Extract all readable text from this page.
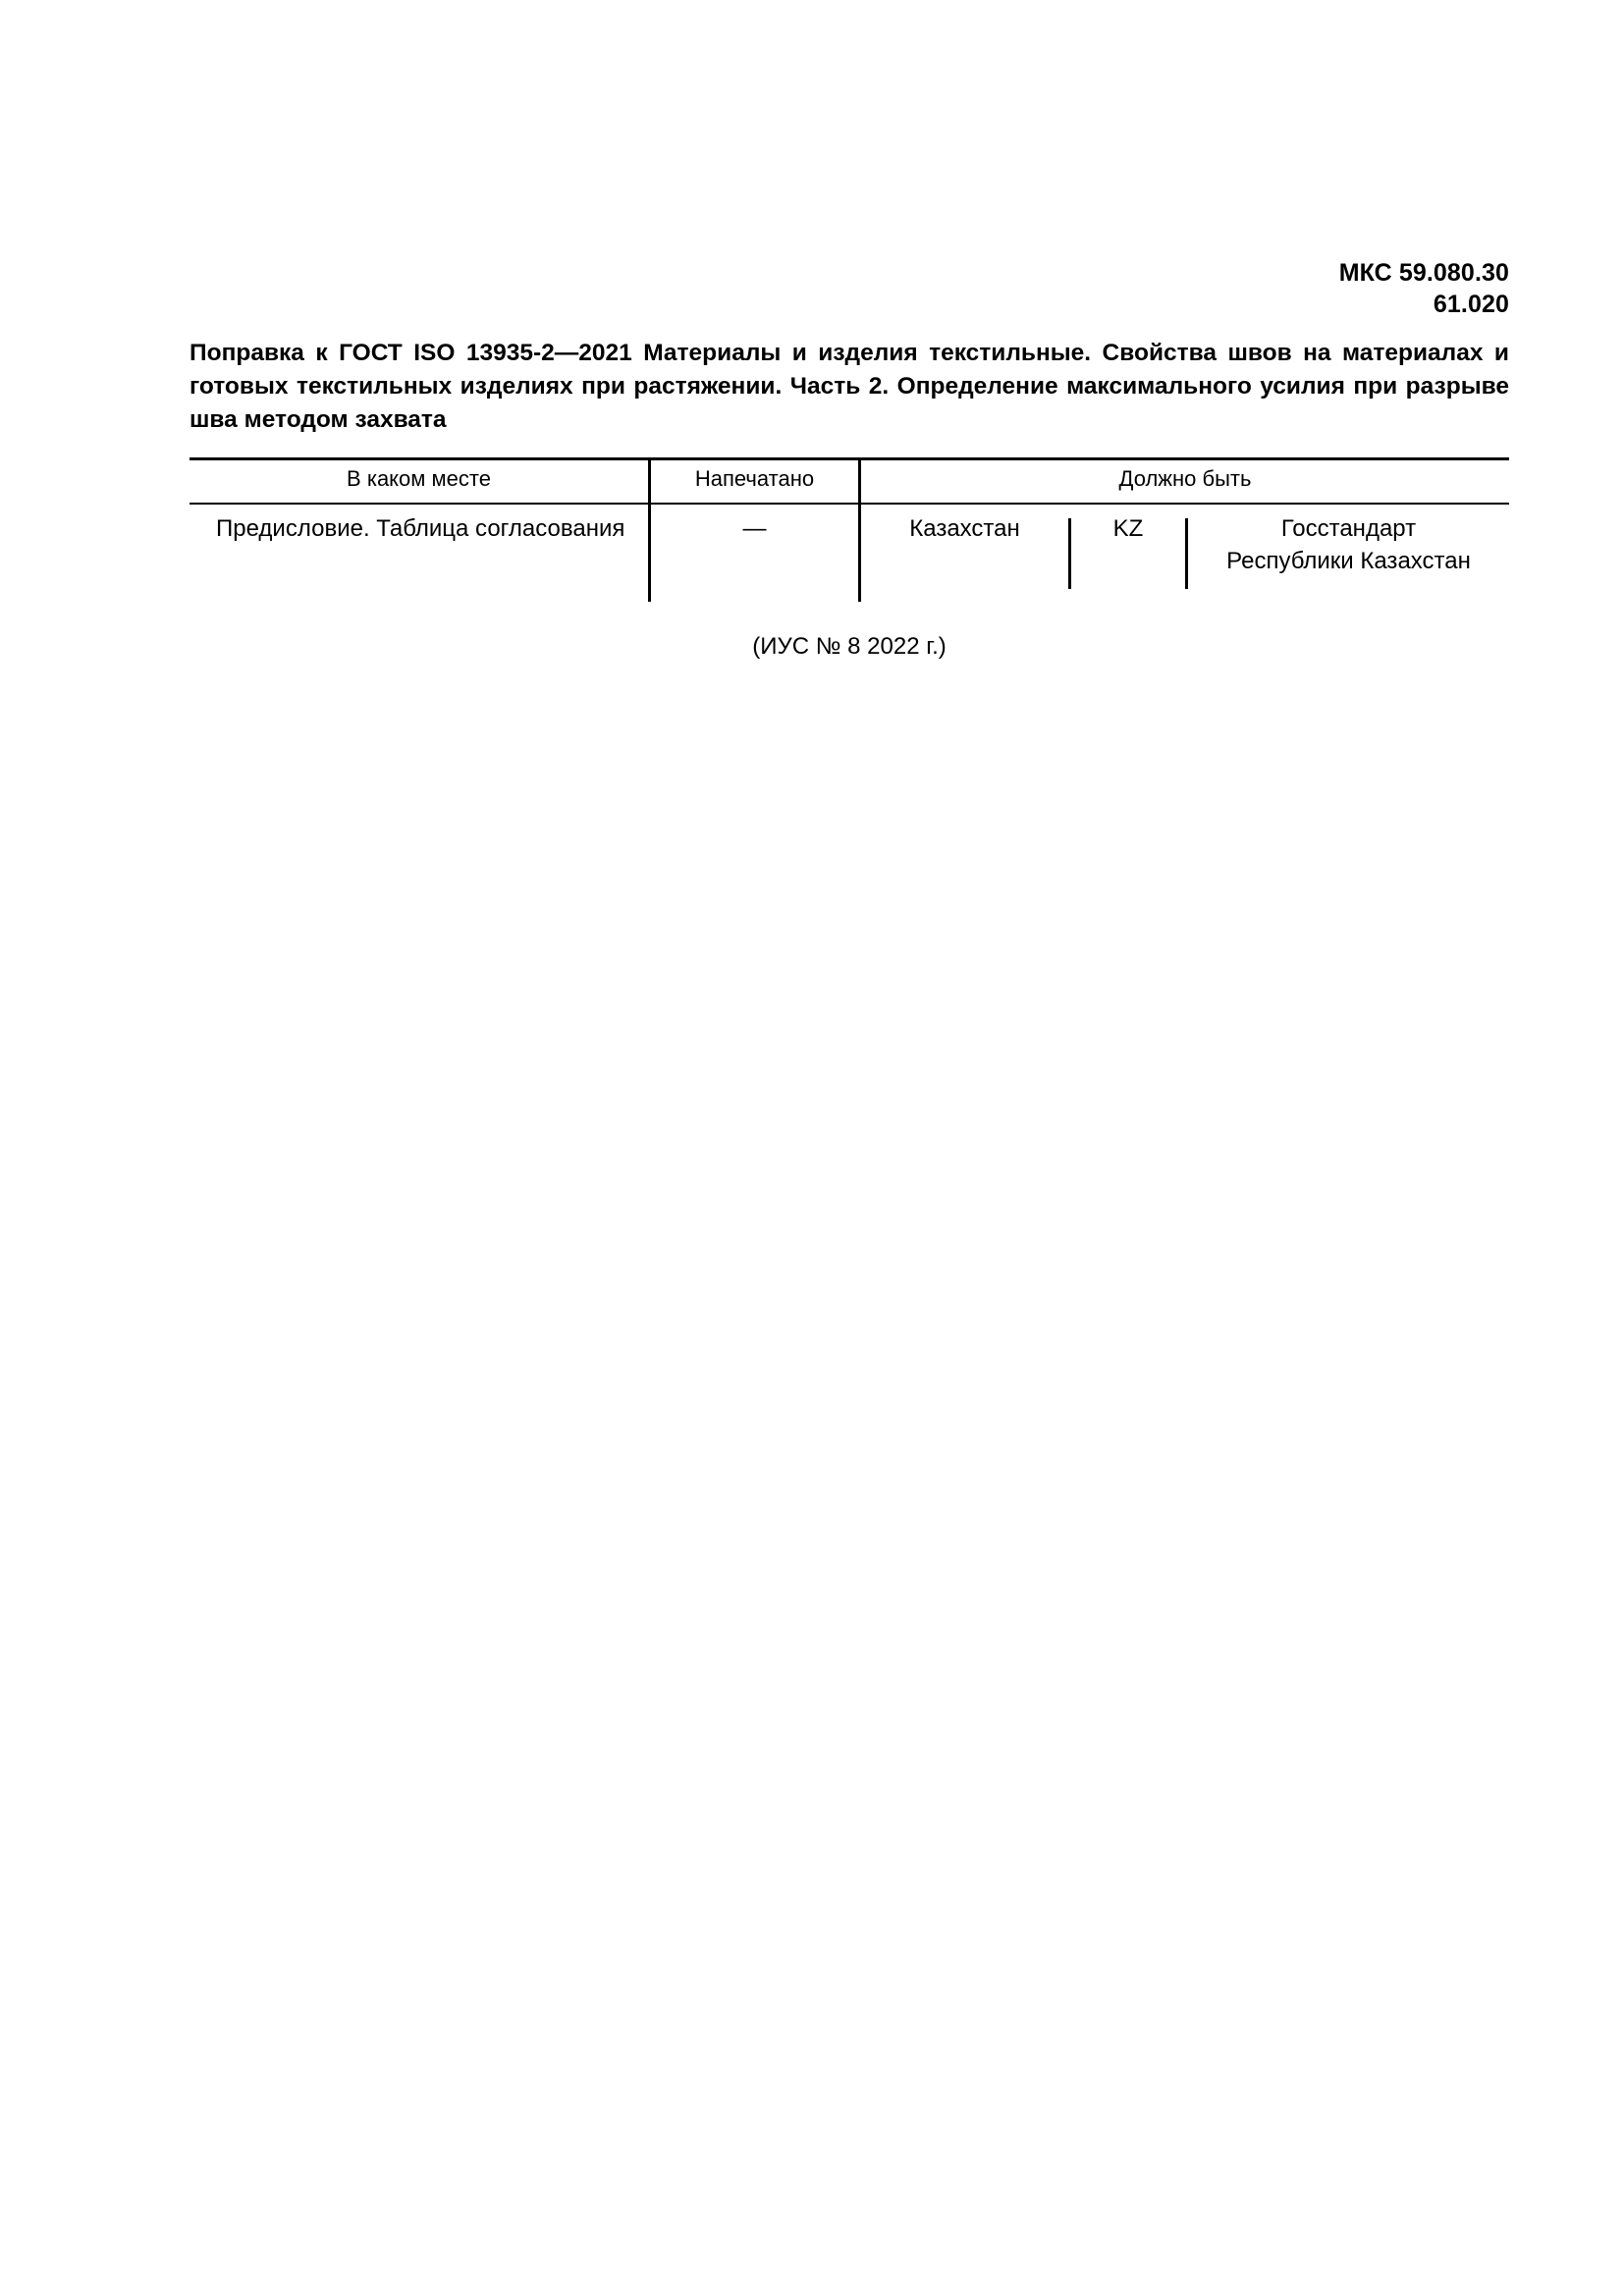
МКС 59.080.30
61.020
Поправка к ГОСТ ISO 13935-2—2021 Материалы и изделия текстильные. Свойства швов на материалах и готовых текстильных изделиях при растяжении. Часть 2. Определение максимального усилия при разрыве шва методом захвата
В каком месте	Напечатано	Должно быть
Предисловие. Таблица согласования	—	Казахстан	KZ	Госстандарт
Республики Казахстан
(ИУС № 8 2022 г.)
